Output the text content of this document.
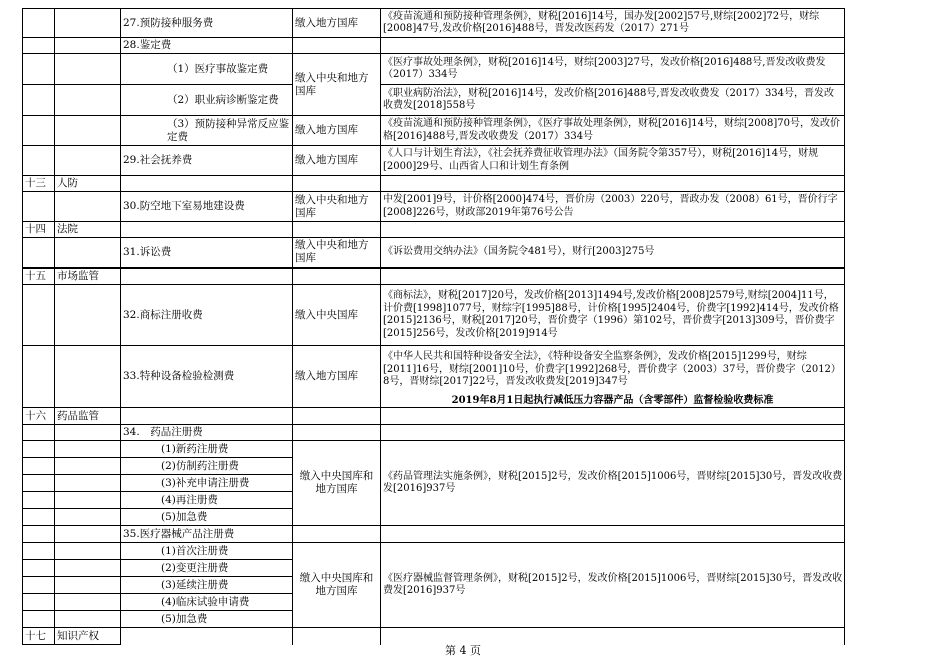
		27.预防接种服务费	缴入地方国库	《疫苗流通和预防接种管理条例》，财税[2016]14号，国办发[2002]57号,财综[2002]72号，财综[2008]47号,发改价格[2016]488号，晋发改医药发（2017）271号
		28.鉴定费		
		（1）医疗事故鉴定费	缴入中央和地方国库	《医疗事故处理条例》，财税[2016]14号，财综[2003]27号，发改价格[2016]488号,晋发改收费发（2017）334号
		（2）职业病诊断鉴定费		《职业病防治法》，财税[2016]14号，发改价格[2016]488号,晋发改收费发（2017）334号，晋发改收费发[2018]558号
		（3）预防接种异常反应鉴定费	缴入地方国库	《疫苗流通和预防接种管理条例》，《医疗事故处理条例》，财税[2016]14号，财综[2008]70号，发改价格[2016]488号,晋发改收费发（2017）334号
		29.社会抚养费	缴入地方国库	《人口与计划生育法》，《社会抚养费征收管理办法》（国务院令第357号），财税[2016]14号，财规[2000]29号、山西省人口和计划生育条例
十三	人防			
		30.防空地下室易地建设费	缴入中央和地方国库	中发[2001]9号，计价格[2000]474号，晋价房（2003）220号，晋政办发（2008）61号，晋价行字[2008]226号，财政部2019年第76号公告
十四	法院			
		31.诉讼费	缴入中央和地方国库	《诉讼费用交纳办法》（国务院令481号），财行[2003]275号
十五	市场监管			
		32.商标注册收费	缴入中央国库	《商标法》，财税[2017]20号，发改价格[2013]1494号,发改价格[2008]2579号,财综[2004]11号，计价费[1998]1077号，财综字[1995]88号，计价格[1995]2404号，价费字[1992]414号，发改价格[2015]2136号，财税[2017]20号，晋价费字（1996）第102号，晋价费字[2013]309号，晋价费字[2015]256号，发改价格[2019]914号
		33.特种设备检验检测费	缴入地方国库	《中华人民共和国特种设备安全法》，《特种设备安全监察条例》，发改价格[2015]1299号，财综[2011]16号，财综[2001]10号，价费字[1992]268号，晋价费字（2003）37号，晋价费字（2012）8号，晋财综[2017]22号，晋发改收费发[2019]347号
				2019年8月1日起执行减低压力容器产品（含零部件）监督检验收费标准
十六	药品监管			
		34.　药品注册费		
		(1)新药注册费	缴入中央国库和地方国库	《药品管理法实施条例》，财税[2015]2号，发改价格[2015]1006号，晋财综[2015]30号，晋发改收费发[2016]937号
		(2)仿制药注册费		
		(3)补充申请注册费		
		(4)再注册费		
		(5)加急费		
		35.医疗器械产品注册费		
		(1)首次注册费	缴入中央国库和地方国库	《医疗器械监督管理条例》，财税[2015]2号，发改价格[2015]1006号，晋财综[2015]30号，晋发改收费发[2016]937号
		(2)变更注册费		
		(3)延续注册费		
		(4)临床试验申请费		
		(5)加急费		
十七	知识产权			
第 4 页
